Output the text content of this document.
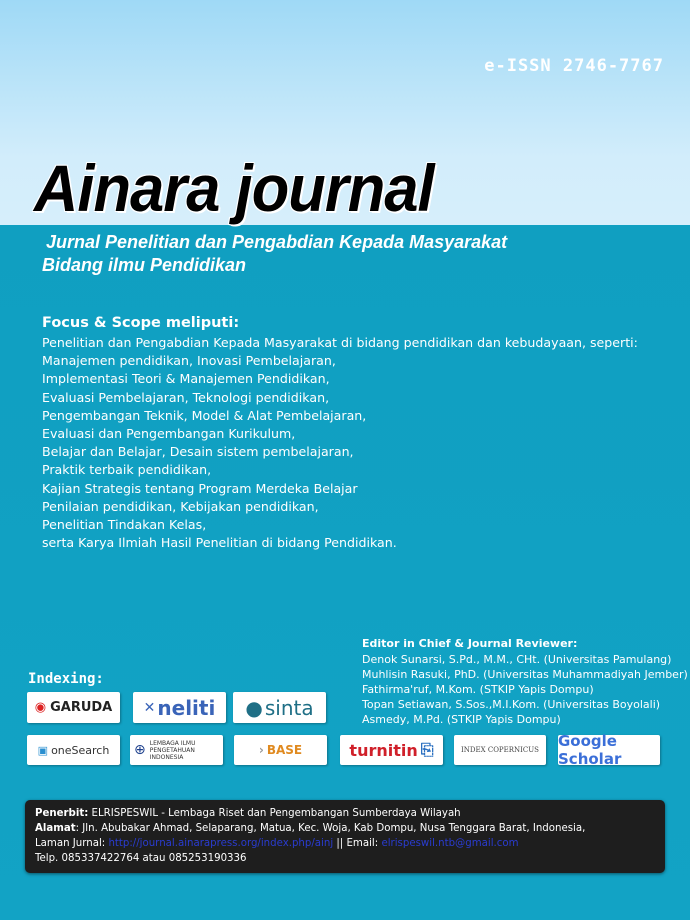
e-ISSN 2746-7767
Ainara journal
Jurnal Penelitian dan Pengabdian Kepada Masyarakat
Bidang ilmu Pendidikan
Focus & Scope meliputi:
Penelitian dan Pengabdian Kepada Masyarakat di bidang pendidikan dan kebudayaan, seperti:
Manajemen pendidikan, Inovasi Pembelajaran,
Implementasi Teori & Manajemen Pendidikan,
Evaluasi Pembelajaran, Teknologi pendidikan,
Pengembangan Teknik, Model & Alat Pembelajaran,
Evaluasi dan Pengembangan Kurikulum,
Belajar dan Belajar, Desain sistem pembelajaran,
Praktik terbaik pendidikan,
Kajian Strategis tentang Program Merdeka Belajar
Penilaian pendidikan, Kebijakan pendidikan,
Penelitian Tindakan Kelas,
serta Karya Ilmiah Hasil Penelitian di bidang Pendidikan.
Editor in Chief & Journal Reviewer:
Denok Sunarsi, S.Pd., M.M., CHt. (Universitas Pamulang)
Muhlisin Rasuki, PhD. (Universitas Muhammadiyah Jember)
Fathirma'ruf, M.Kom. (STKIP Yapis Dompu)
Topan Setiawan, S.Sos.,M.I.Kom. (Universitas Boyolali)
Asmedy, M.Pd. (STKIP Yapis Dompu)
Indexing:
◉ GARUDA ✕ neliti ● sinta
▣ oneSearch ⊕ LEMBAGA ILMU PENGETAHUAN INDONESIA	› BASE	turnitin ⎘	INDEX COPERNICUS Google Scholar
Penerbit: ELRISPESWIL - Lembaga Riset dan Pengembangan Sumberdaya Wilayah
Alamat: Jln. Abubakar Ahmad, Selaparang, Matua, Kec. Woja, Kab Dompu, Nusa Tenggara Barat, Indonesia,
Laman Jurnal: http://journal.ainarapress.org/index.php/ainj || Email: elrispeswil.ntb@gmail.com
Telp. 085337422764 atau 085253190336
